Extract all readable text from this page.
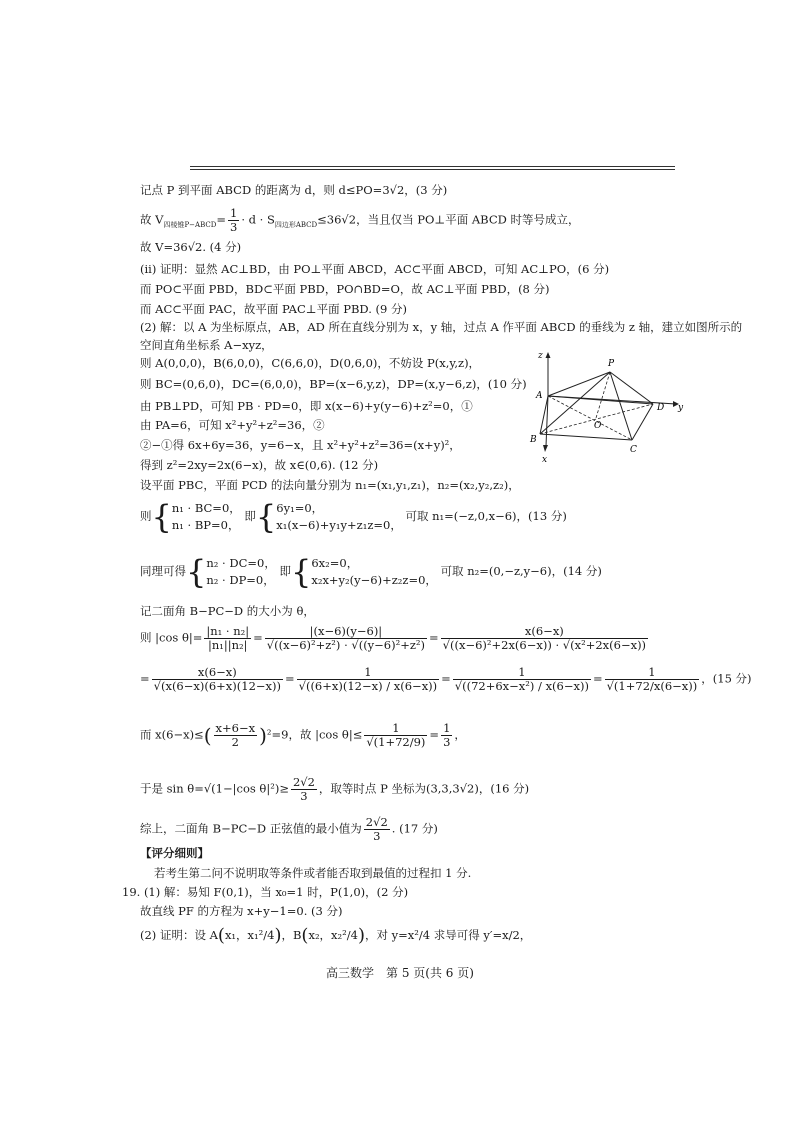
记点 P 到平面 ABCD 的距离为 d，则 d≤PO=3√2，(3 分)
故 $V_{四棱锥P-ABCD}= \frac{1}{3} \cdot d \cdot S_{四边形ABCD}\le 36√2$，当且仅当 PO⊥平面 ABCD 时等号成立，
故 V=36√2. (4 分)
(ii) 证明：显然 AC⊥BD，由 PO⊥平面 ABCD，AC⊂平面 ABCD，可知 AC⊥PO，(6 分)
而 PO⊂平面 PBD，BD⊂平面 PBD，PO∩BD=O，故 AC⊥平面 PBD，(8 分)
而 AC⊂平面 PAC，故平面 PAC⊥平面 PBD. (9 分)
(2) 解：以 A 为坐标原点，AB，AD 所在直线分别为 x，y 轴，过点 A 作平面 ABCD 的垂线为 z 轴，建立如图所示的
空间直角坐标系 A−xyz，
则 A(0,0,0)，B(6,0,0)，C(6,6,0)，D(0,6,0)，不妨设 P(x,y,z)，
则 BC=(0,6,0)，DC=(6,0,0)，BP=(x−6,y,z)，DP=(x,y−6,z)，(10 分)
由 PB⊥PD，可知 PB · PD=0，即 x(x−6)+y(y−6)+z²=0，①
由 PA=6，可知 x²+y²+z²=36，②
②−①得 6x+6y=36，y=6−x，且 x²+y²+z²=36=(x+y)²，
得到 z²=2xy=2x(6−x)，故 x∈(0,6). (12 分)
设平面 PBC，平面 PCD 的法向量分别为 n₁=(x₁,y₁,z₁)，n₂=(x₂,y₂,z₂)，
则{ n₁ · BC=0，
n₁ · BP=0，
即{ 6y₁=0，
x₁(x−6)+y₁y+z₁z=0，
可取 n₁=(−z,0,x−6)，(13 分)
同理可得{ n₂ · DC=0，
n₂ · DP=0，
即{ 6x₂=0，
x₂x+y₂(y−6)+z₂z=0，
可取 n₂=(0,−z,y−6)，(14 分)
记二面角 B−PC−D 的大小为 θ，
则 |cos $\theta|= \frac{\text{|n₁ · n₂|}}{\text{|n₁||n₂|}} = \frac{|(x-6)(y-6)|}{\text{√((x−6)²+z²) · √((y−6)²+z²)}} = \frac{x(6-x)}{\text{√((x−6)²+2x(6−x)) · √(x²+2x(6−x))}}$
= $\frac{x(6-x)}{√(x(6-x)(6+x)(12-x))} = \frac{1}{√((6+x)(12-x) / x(6-x))} = \frac{1}{\text{√((72+6x−x²) / x(6−x))}} = \frac{1}{√(1+72/x(6-x))}$ ，(15 分)
而 $x(6-x)\le( \frac{x+6-x}{2} )^2=9$，故 |cos $\theta|\le \frac{1}{√(1+72/9)} = \frac{1}{3}$ ，
于是 sin θ=√(1−|cos $\theta|^2)\ge \frac{2√2}{3}$ ，取等时点 P 坐标为(3,3,3√2)，(16 分)
综上，二面角 B−PC−D 正弦值的最小值为 $\frac{2√2}{3}$ . (17 分)
【评分细则】
若考生第二问不说明取等条件或者能否取到最值的过程扣 1 分.
19. (1) 解：易知 F(0,1)，当 x₀=1 时，P(1,0)，(2 分)
故直线 PF 的方程为 x+y−1=0. (3 分)
(2) 证明：设 A(x₁，x₁²/4)，B(x₂，x₂²/4)，对 y=x²/4 求导可得 y′=x/2，
z
P
A
D y
O
B
C
x
高三数学　第 5 页(共 6 页)
